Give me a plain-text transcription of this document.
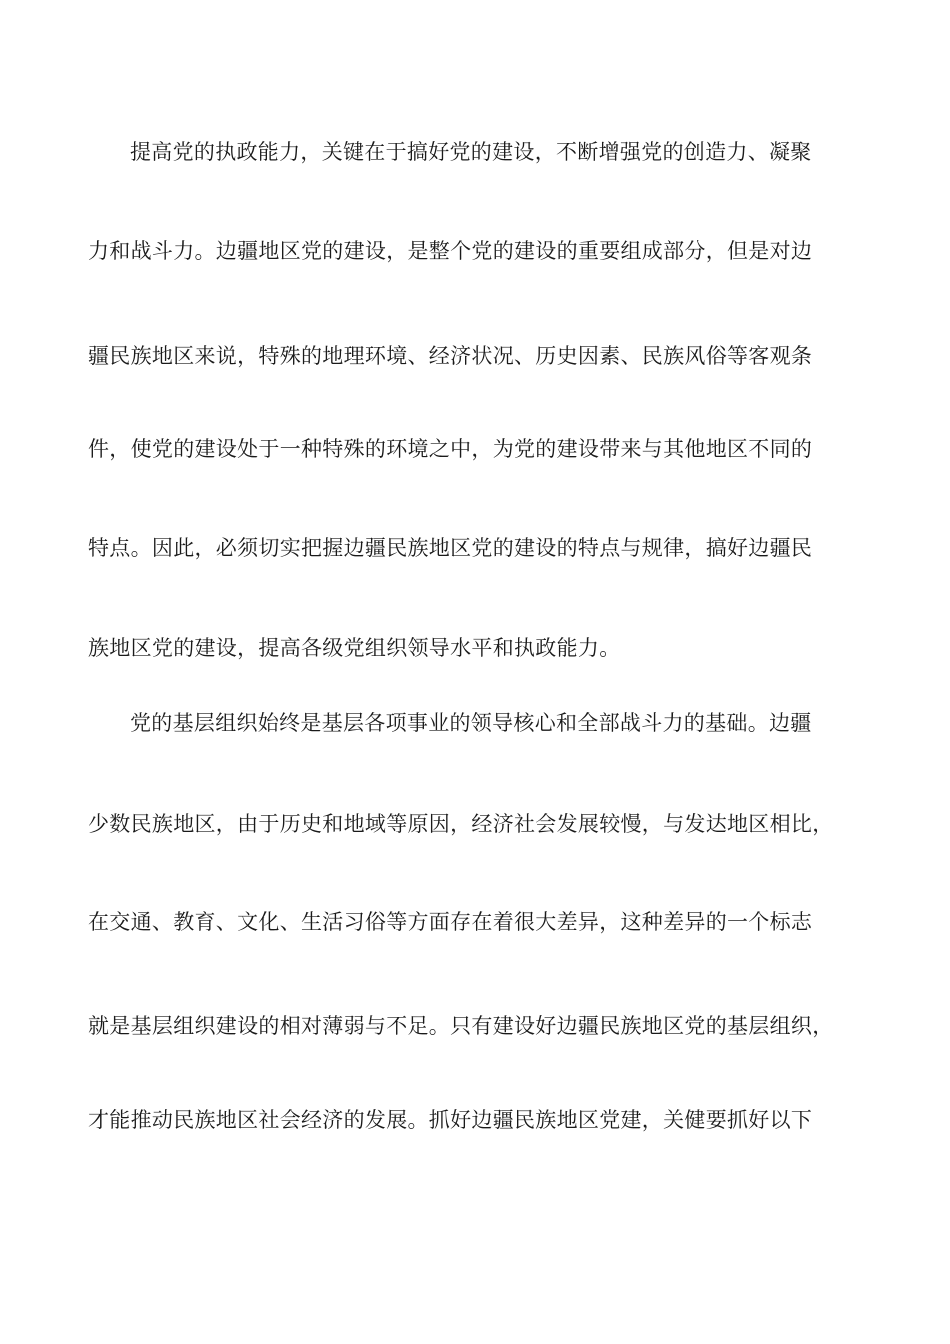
提高党的执政能力，关键在于搞好党的建设，不断增强党的创造力、凝聚
力和战斗力。边疆地区党的建设，是整个党的建设的重要组成部分，但是对边
疆民族地区来说，特殊的地理环境、经济状况、历史因素、民族风俗等客观条
件，使党的建设处于一种特殊的环境之中，为党的建设带来与其他地区不同的
特点。因此，必须切实把握边疆民族地区党的建设的特点与规律，搞好边疆民
族地区党的建设，提高各级党组织领导水平和执政能力。
党的基层组织始终是基层各项事业的领导核心和全部战斗力的基础。边疆
少数民族地区，由于历史和地域等原因，经济社会发展较慢，与发达地区相比，
在交通、教育、文化、生活习俗等方面存在着很大差异，这种差异的一个标志
就是基层组织建设的相对薄弱与不足。只有建设好边疆民族地区党的基层组织，
才能推动民族地区社会经济的发展。抓好边疆民族地区党建，关健要抓好以下
